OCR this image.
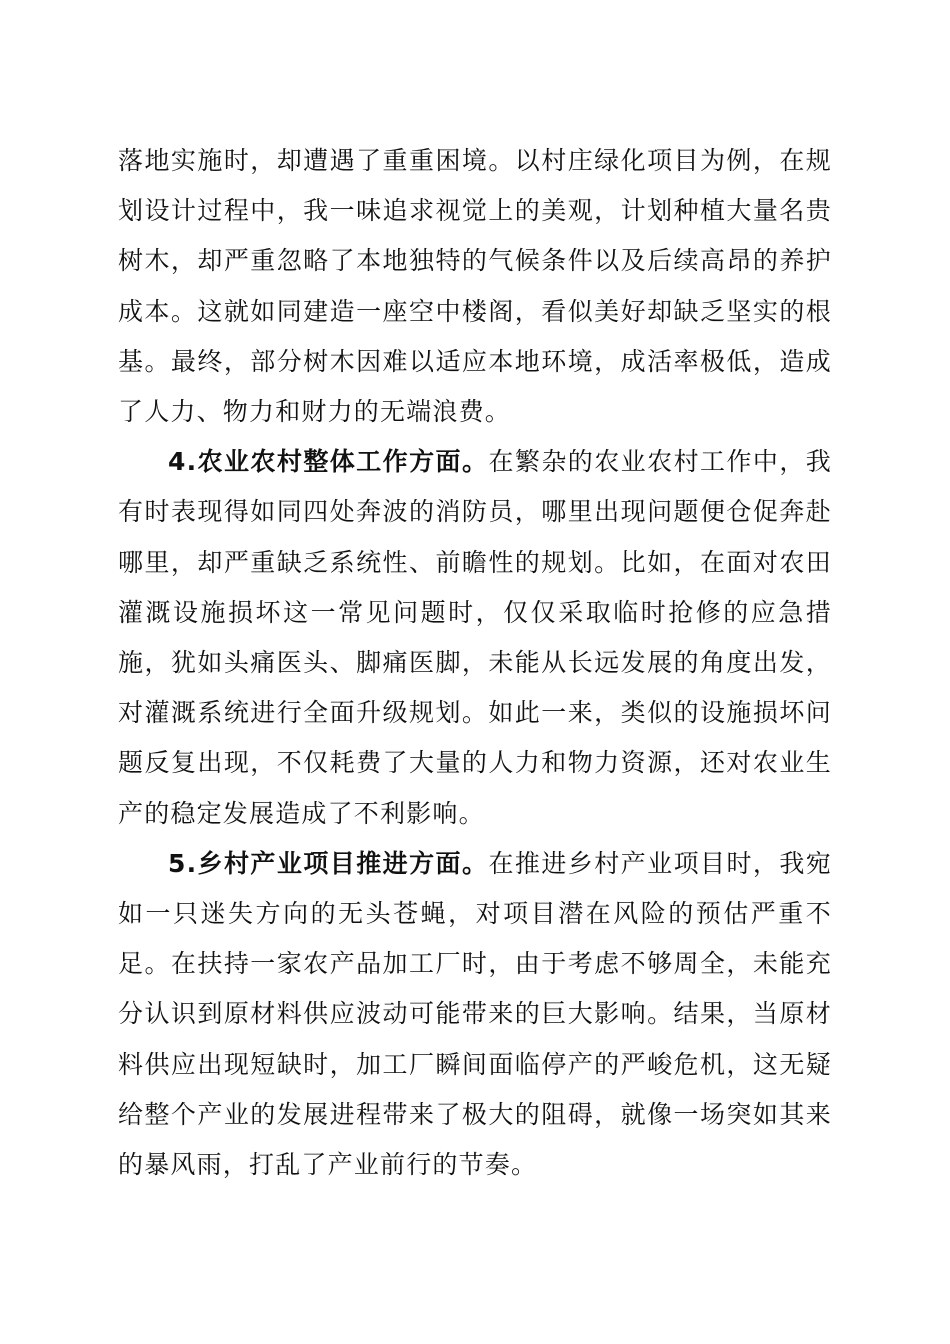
落地实施时，却遭遇了重重困境。以村庄绿化项目为例，在规划设计过程中，我一味追求视觉上的美观，计划种植大量名贵树木，却严重忽略了本地独特的气候条件以及后续高昂的养护成本。这就如同建造一座空中楼阁，看似美好却缺乏坚实的根基。最终，部分树木因难以适应本地环境，成活率极低，造成了人力、物力和财力的无端浪费。

4.农业农村整体工作方面。在繁杂的农业农村工作中，我有时表现得如同四处奔波的消防员，哪里出现问题便仓促奔赴哪里，却严重缺乏系统性、前瞻性的规划。比如，在面对农田灌溉设施损坏这一常见问题时，仅仅采取临时抢修的应急措施，犹如头痛医头、脚痛医脚，未能从长远发展的角度出发，对灌溉系统进行全面升级规划。如此一来，类似的设施损坏问题反复出现，不仅耗费了大量的人力和物力资源，还对农业生产的稳定发展造成了不利影响。

5.乡村产业项目推进方面。在推进乡村产业项目时，我宛如一只迷失方向的无头苍蝇，对项目潜在风险的预估严重不足。在扶持一家农产品加工厂时，由于考虑不够周全，未能充分认识到原材料供应波动可能带来的巨大影响。结果，当原材料供应出现短缺时，加工厂瞬间面临停产的严峻危机，这无疑给整个产业的发展进程带来了极大的阻碍，就像一场突如其来的暴风雨，打乱了产业前行的节奏。
